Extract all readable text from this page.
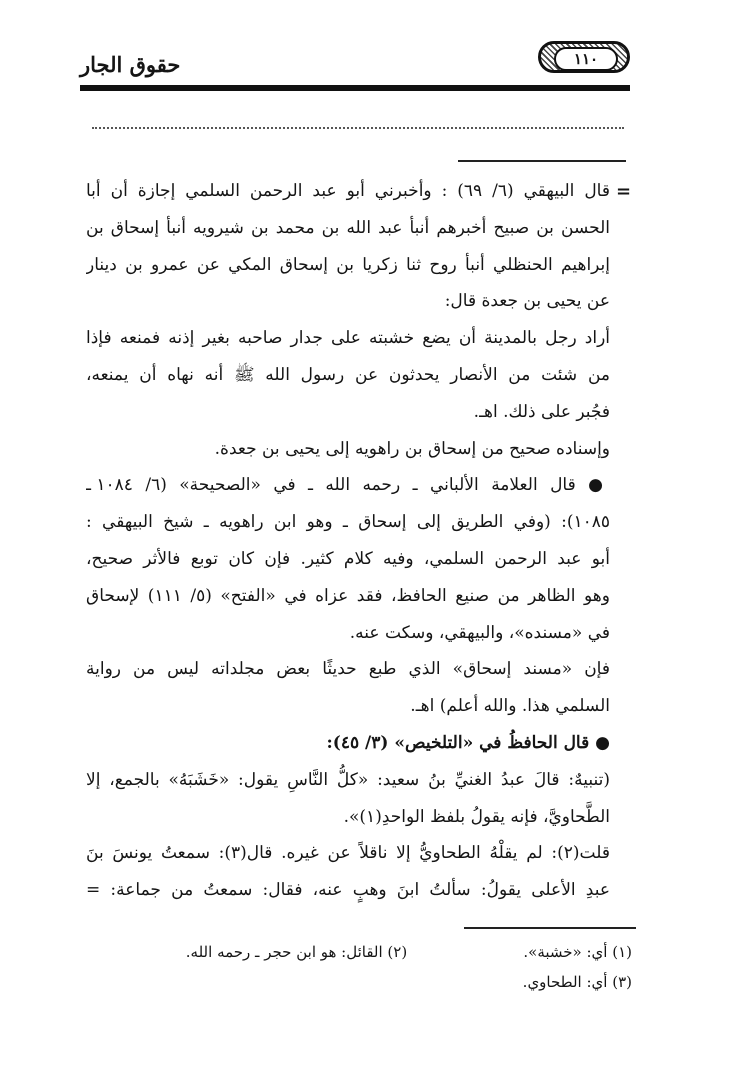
حقوق الجار	١١٠
=
قال البيهقي (٦/ ٦٩) : وأخبرني أبو عبد الرحمن السلمي إجازة أن أبا
الحسن بن صبيح أخبرهم أنبأ عبد الله بن محمد بن شيرويه أنبأ إسحاق بن
إبراهيم الحنظلي أنبأ روح ثنا زكريا بن إسحاق المكي عن عمرو بن دينار
عن يحيى بن جعدة قال:
أراد رجل بالمدينة أن يضع خشبته على جدار صاحبه بغير إذنه فمنعه فإذا
من شئت من الأنصار يحدثون عن رسول الله ﷺ أنه نهاه أن يمنعه،
فجُبر على ذلك. اهـ.
وإسناده صحيح من إسحاق بن راهويه إلى يحيى بن جعدة.
● قال العلامة الألباني ـ رحمه الله ـ في «الصحيحة» (٦/ ١٠٨٤ ـ
١٠٨٥): (وفي الطريق إلى إسحاق ـ وهو ابن راهويه ـ شيخ البيهقي :
أبو عبد الرحمن السلمي، وفيه كلام كثير. فإن كان توبع فالأثر صحيح،
وهو الظاهر من صنيع الحافظ، فقد عزاه في «الفتح» (٥/ ١١١) لإسحاق
في «مسنده»، والبيهقي، وسكت عنه.
فإن «مسند إسحاق» الذي طبع حديثًا بعض مجلداته ليس من رواية
السلمي هذا. والله أعلم) اهـ.
● قال الحافظُ في «التلخيص» (٣/ ٤٥):
(تنبيهٌ: قالَ عبدُ الغنيِّ بنُ سعيد: «كلُّ النَّاسِ يقول: «خَشَبَهُ» بالجمع، إلا
الطَّحاويَّ، فإنه يقولُ بلفظ الواحدِ(١)».
قلت(٢): لم يقلْهُ الطحاويُّ إلا ناقلاً عن غيره. قال(٣): سمعتُ يونسَ بنَ
عبدِ الأعلى يقولُ: سألتُ ابنَ وهبٍ عنه، فقال: سمعتُ من جماعة: =
(١) أي: «خشبة». (٢) القائل: هو ابن حجر ـ رحمه الله.
(٣) أي: الطحاوي.
